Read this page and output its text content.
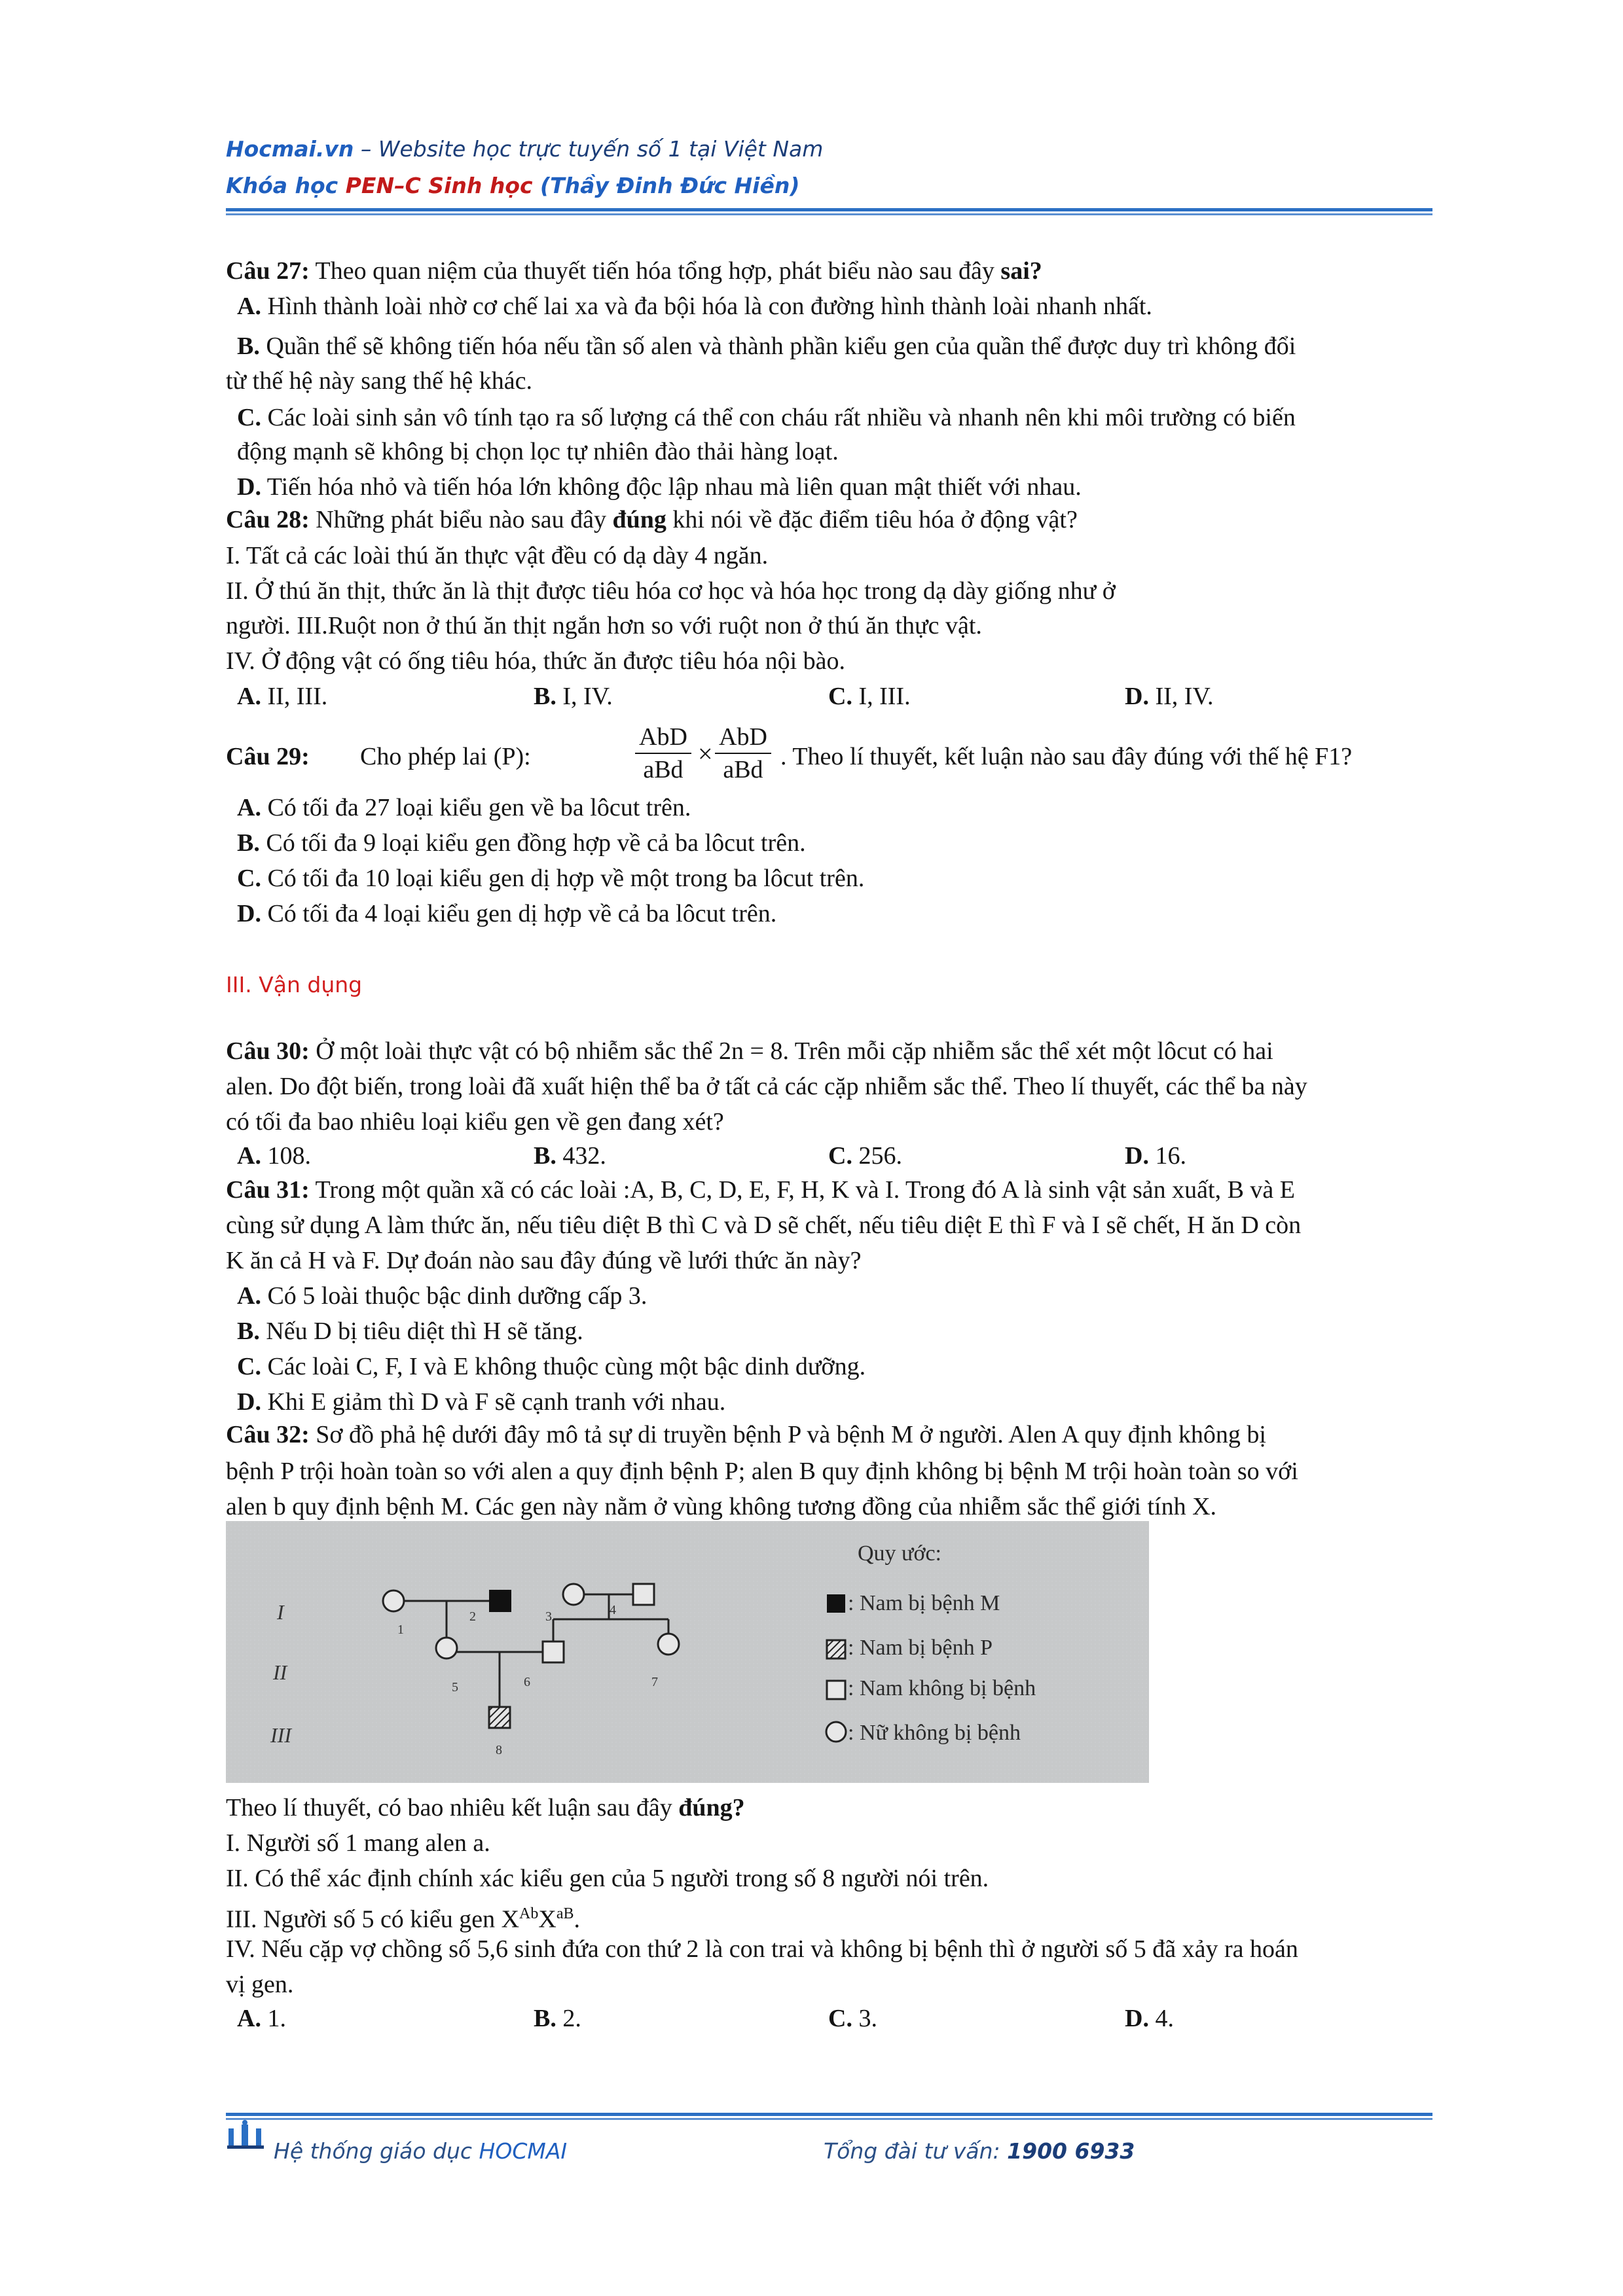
Hocmai.vn – Website học trực tuyến số 1 tại Việt Nam
Khóa học PEN–C Sinh học (Thầy Đinh Đức Hiền)
Câu 27: Theo quan niệm của thuyết tiến hóa tổng hợp, phát biểu nào sau đây sai?
A. Hình thành loài nhờ cơ chế lai xa và đa bội hóa là con đường hình thành loài nhanh nhất.
B. Quần thể sẽ không tiến hóa nếu tần số alen và thành phần kiểu gen của quần thể được duy trì không đổi
từ thế hệ này sang thế hệ khác.
C. Các loài sinh sản vô tính tạo ra số lượng cá thể con cháu rất nhiều và nhanh nên khi môi trường có biến
động mạnh sẽ không bị chọn lọc tự nhiên đào thải hàng loạt.
D. Tiến hóa nhỏ và tiến hóa lớn không độc lập nhau mà liên quan mật thiết với nhau.
Câu 28: Những phát biểu nào sau đây đúng khi nói về đặc điểm tiêu hóa ở động vật?
I. Tất cả các loài thú ăn thực vật đều có dạ dày 4 ngăn.
II. Ở thú ăn thịt, thức ăn là thịt được tiêu hóa cơ học và hóa học trong dạ dày giống như ở
người. III.Ruột non ở thú ăn thịt ngắn hơn so với ruột non ở thú ăn thực vật.
IV. Ở động vật có ống tiêu hóa, thức ăn được tiêu hóa nội bào.
A. II, III.	B. I, IV.	C. I, III.	D. II, IV.
Câu 29: Cho phép lai (P):
AbD
aBd
×
AbD
aBd . Theo lí thuyết, kết luận nào sau đây đúng với thế hệ F1?
A. Có tối đa 27 loại kiểu gen về ba lôcut trên.
B. Có tối đa 9 loại kiểu gen đồng hợp về cả ba lôcut trên.
C. Có tối đa 10 loại kiểu gen dị hợp về một trong ba lôcut trên.
D. Có tối đa 4 loại kiểu gen dị hợp về cả ba lôcut trên.
III. Vận dụng
Câu 30: Ở một loài thực vật có bộ nhiễm sắc thể 2n = 8. Trên mỗi cặp nhiễm sắc thể xét một lôcut có hai
alen. Do đột biến, trong loài đã xuất hiện thể ba ở tất cả các cặp nhiễm sắc thể. Theo lí thuyết, các thể ba này
có tối đa bao nhiêu loại kiểu gen về gen đang xét?
A. 108.	B. 432.	C. 256.	D. 16.
Câu 31: Trong một quần xã có các loài :A, B, C, D, E, F, H, K và I. Trong đó A là sinh vật sản xuất, B và E
cùng sử dụng A làm thức ăn, nếu tiêu diệt B thì C và D sẽ chết, nếu tiêu diệt E thì F và I sẽ chết, H ăn D còn
K ăn cả H và F. Dự đoán nào sau đây đúng về lưới thức ăn này?
A. Có 5 loài thuộc bậc dinh dưỡng cấp 3.
B. Nếu D bị tiêu diệt thì H sẽ tăng.
C. Các loài C, F, I và E không thuộc cùng một bậc dinh dưỡng.
D. Khi E giảm thì D và F sẽ cạnh tranh với nhau.
Câu 32: Sơ đồ phả hệ dưới đây mô tả sự di truyền bệnh P và bệnh M ở người. Alen A quy định không bị
bệnh P trội hoàn toàn so với alen a quy định bệnh P; alen B quy định không bị bệnh M trội hoàn toàn so với
alen b quy định bệnh M. Các gen này nằm ở vùng không tương đồng của nhiễm sắc thể giới tính X.
I
II
III
1
2	3	4
5	6	7
8
Quy ước:
: Nam bị bệnh M
: Nam bị bệnh P
: Nam không bị bệnh
: Nữ không bị bệnh
Theo lí thuyết, có bao nhiêu kết luận sau đây đúng?
I. Người số 1 mang alen a.
II. Có thể xác định chính xác kiểu gen của 5 người trong số 8 người nói trên.
III. Người số 5 có kiểu gen $X^{Ab}X^{aB}$.
IV. Nếu cặp vợ chồng số 5,6 sinh đứa con thứ 2 là con trai và không bị bệnh thì ở người số 5 đã xảy ra hoán
vị gen.
A. 1.	B. 2.	C. 3.	D. 4.
Hệ thống giáo dục HOCMAI	Tổng đài tư vấn: 1900 6933
